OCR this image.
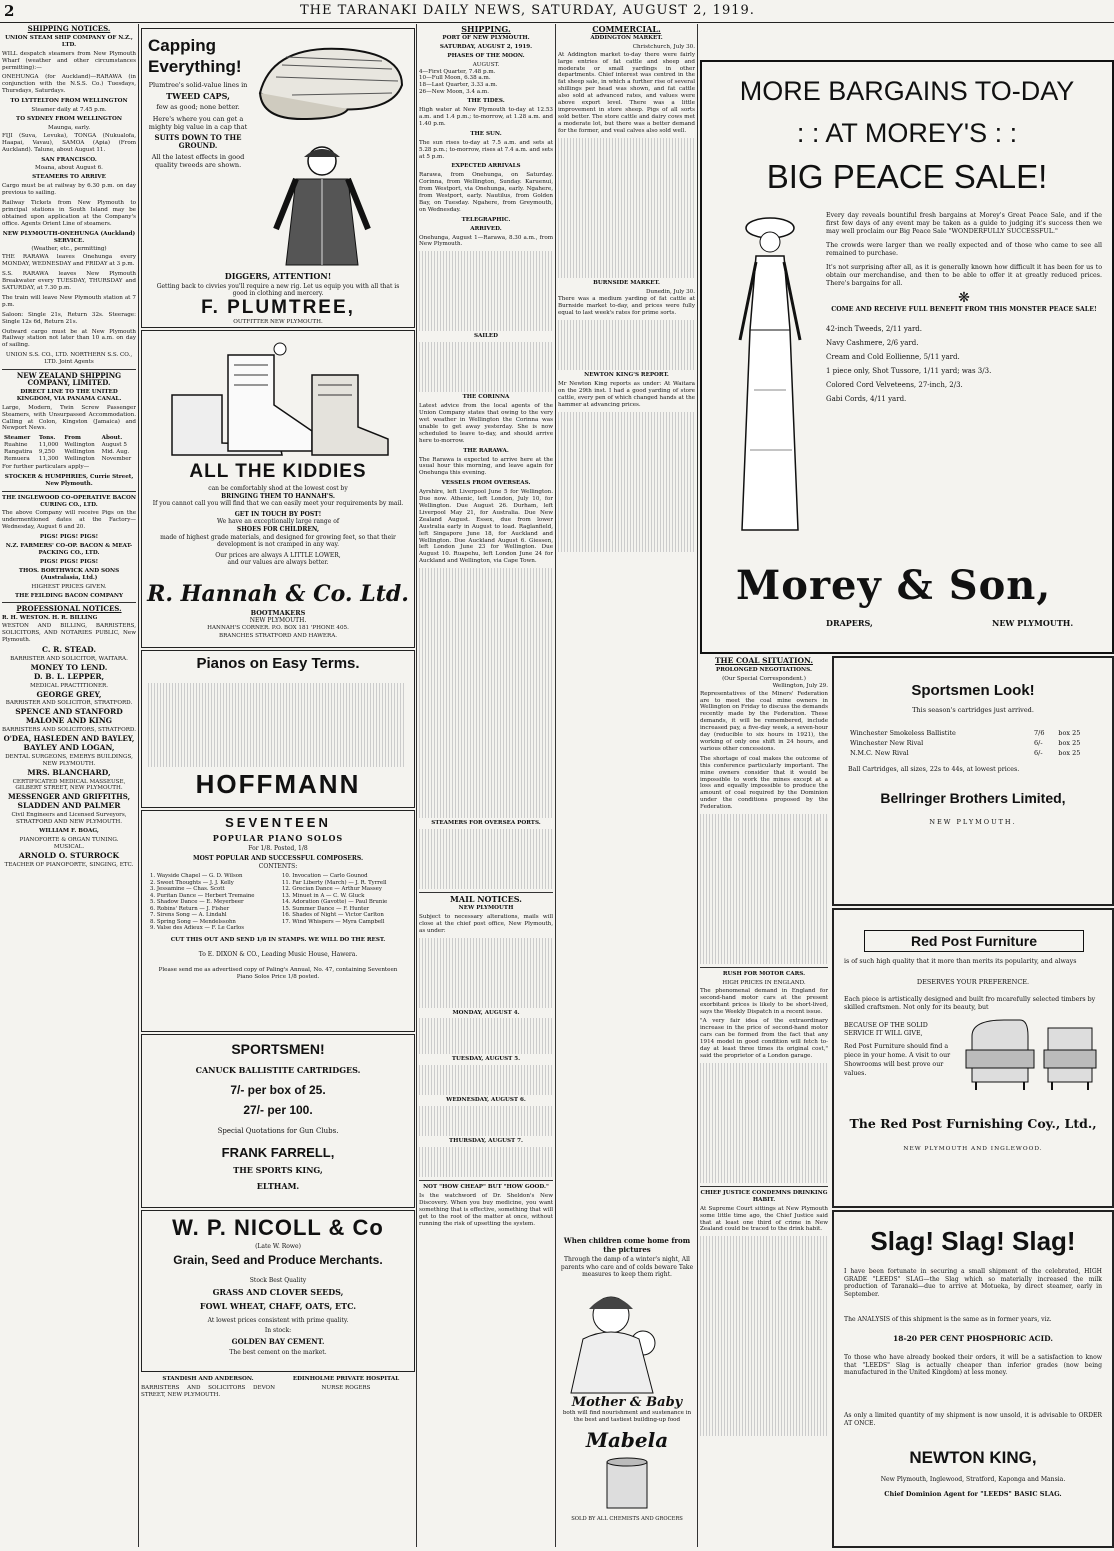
2	THE TARANAKI DAILY NEWS, SATURDAY, AUGUST 2, 1919.
SHIPPING NOTICES.
UNION STEAM SHIP COMPANY OF N.Z., LTD.
WILL despatch steamers from New Plymouth Wharf (weather and other circumstances permitting):—
ONEHUNGA (for Auckland)—RARAWA (in conjunction with the N.S.S. Co.) Tuesdays, Thursdays, Saturdays.
TO LYTTELTON FROM WELLINGTON
Steamer daily at 7.45 p.m.
TO SYDNEY FROM WELLINGTON
Maunga, early.
FIJI (Suva, Levuka), TONGA (Nukualofa, Haapai, Vavau), SAMOA (Apia) (From Auckland). Talune, about August 11.
SAN FRANCISCO.
Moana, about August 6.
STEAMERS TO ARRIVE
Cargo must be at railway by 6.30 p.m. on day previous to sailing.
Railway Tickets from New Plymouth to principal stations in South Island may be obtained upon application at the Company's office. Agents Orient Line of steamers.
NEW PLYMOUTH-ONEHUNGA (Auckland) SERVICE.
(Weather, etc., permitting)
THE RARAWA leaves Onehunga every MONDAY, WEDNESDAY and FRIDAY at 3 p.m.
S.S. RARAWA leaves New Plymouth Breakwater every TUESDAY, THURSDAY and SATURDAY, at 7.30 p.m.
The train will leave New Plymouth station at 7 p.m.
Saloon: Single 21s, Return 32s. Steerage: Single 12s 6d, Return 21s.
Outward cargo must be at New Plymouth Railway station not later than 10 a.m. on day of sailing.
UNION S.S. CO., LTD. NORTHERN S.S. CO., LTD. Joint Agents
NEW ZEALAND SHIPPING COMPANY, LIMITED.
DIRECT LINE TO THE UNITED KINGDOM, VIA PANAMA CANAL.
Large, Modern, Twin Screw Passenger Steamers, with Unsurpassed Accommodation. Calling at Colon, Kingston (Jamaica) and Newport News.
Steamer	Tons.	From	About.
Ruahine	11,000	Wellington	August 5
Rangatira	9,250	Wellington	Mid. Aug.
Remuera	11,300	Wellington	November
For further particulars apply—
STOCKER & HUMPHRIES, Currie Street, New Plymouth.
THE INGLEWOOD CO-OPERATIVE BACON CURING CO., LTD.
The above Company will receive Pigs on the undermentioned dates at the Factory—Wednesday, August 6 and 20.
PIGS! PIGS! PIGS!
N.Z. FARMERS' CO-OP. BACON & MEAT-PACKING CO., LTD.
PIGS! PIGS! PIGS!
THOS. BORTHWICK AND SONS (Australasia, Ltd.)
HIGHEST PRICES GIVEN.
THE FEILDING BACON COMPANY
PROFESSIONAL NOTICES.
R. H. WESTON. H. R. BILLING
WESTON AND BILLING, BARRISTERS, SOLICITORS, AND NOTARIES PUBLIC, New Plymouth.
C. R. STEAD.
BARRISTER AND SOLICITOR, WAITARA.
MONEY TO LEND.
D. B. L. LEPPER,
MEDICAL PRACTITIONER.
GEORGE GREY,
BARRISTER AND SOLICITOR, STRATFORD.
SPENCE AND STANFORD
MALONE AND KING
BARRISTERS AND SOLICITORS, STRATFORD.
O'DEA, HASLEDEN AND BAYLEY,
BAYLEY AND LOGAN,
DENTAL SURGEONS, EMERYS BUILDINGS, NEW PLYMOUTH.
MRS. BLANCHARD,
CERTIFICATED MEDICAL MASSEUSE, GILBERT STREET, NEW PLYMOUTH.
MESSENGER AND GRIFFITHS,
SLADDEN AND PALMER
Civil Engineers and Licensed Surveyors, STRATFORD AND NEW PLYMOUTH.
WILLIAM F. BOAG,
PIANOFORTE & ORGAN TUNING.
MUSICAL.
ARNOLD O. STURROCK
TEACHER OF PIANOFORTE, SINGING, ETC.
Capping Everything!
Plumtree's solid-value lines in
TWEED CAPS,
few as good; none better.
Here's where you can get a mighty big value in a cap that
SUITS DOWN TO THE GROUND.
All the latest effects in good quality tweeds are shown.
DIGGERS, ATTENTION!
Getting back to civvies you'll require a new rig. Let us equip you with all that is good in clothing and mercery.
F. PLUMTREE,
OUTFITTER NEW PLYMOUTH.
ALL THE KIDDIES
can be comfortably shod at the lowest cost by
BRINGING THEM TO HANNAH'S.
If you cannot call you will find that we can easily meet your requirements by mail.
GET IN TOUCH BY POST!
We have an exceptionally large range of
SHOES FOR CHILDREN,
made of highest grade materials, and designed for growing feet, so that their development is not cramped in any way.
Our prices are always A LITTLE LOWER,
and our values are always better.
R. Hannah & Co. Ltd.
BOOTMAKERS
NEW PLYMOUTH.
HANNAH'S CORNER. P.O. BOX 181 'PHONE 405.
BRANCHES STRATFORD AND HAWERA.
Pianos on Easy Terms.
HOFFMANN
SEVENTEEN
POPULAR PIANO SOLOS
For 1/8. Posted, 1/8
MOST POPULAR AND SUCCESSFUL COMPOSERS.
CONTENTS:
1. Wayside Chapel — G. D. Wilson
2. Sweet Thoughts — J. J. Kelly
3. Jessamine — Chas. Scott
4. Puritan Dance — Herbert Tremaine
5. Shadow Dance — E. Meyerbeer
6. Robins' Return — J. Fisher
7. Sirens Song — A. Lindahl
8. Spring Song — Mendelssohn
9. Valse des Adieux — F. Le Carlos
10. Invocation — Carlo Gounod
11. Far Liberty (March) — J. R. Tyrrell
12. Grecian Dance — Arthur Massey
13. Minuet in A — C. W. Gluck
14. Adoration (Gavotte) — Paul Brunie
15. Summer Dance — F. Hunter
16. Shades of Night — Victor Carlton
17. Wind Whispers — Myra Campbell
CUT THIS OUT AND SEND 1/8 IN STAMPS. WE WILL DO THE REST.
To E. DIXON & CO., Leading Music House, Hawera.
Please send me as advertised copy of Paling's Annual, No. 47, containing Seventeen Piano Solos Price 1/8 posted.
SPORTSMEN!
CANUCK BALLISTITE CARTRIDGES.
7/- per box of 25.
27/- per 100.
Special Quotations for Gun Clubs.
FRANK FARRELL,
THE SPORTS KING,
ELTHAM.
W. P. NICOLL & Co
(Late W. Rowe)
Grain, Seed and Produce Merchants.
Stock Best Quality
GRASS AND CLOVER SEEDS,
FOWL WHEAT, CHAFF, OATS, ETC.
At lowest prices consistent with prime quality.
In stock:
GOLDEN BAY CEMENT.
The best cement on the market.
STANDISH AND ANDERSON.
BARRISTERS AND SOLICITORS DEVON STREET, NEW PLYMOUTH.
EDINHOLME PRIVATE HOSPITAL
NURSE ROGERS
SHIPPING.
PORT OF NEW PLYMOUTH.
SATURDAY, AUGUST 2, 1919.
PHASES OF THE MOON.
AUGUST.
4—First Quarter, 7.48 p.m.
10—Full Moon, 6.38 a.m.
18—Last Quarter, 3.33 a.m.
26—New Moon, 3.4 a.m.
THE TIDES.
High water at New Plymouth to-day at 12.53 a.m. and 1.4 p.m.; to-morrow, at 1.28 a.m. and 1.40 p.m.
THE SUN.
The sun rises to-day at 7.5 a.m. and sets at 5.28 p.m.; to-morrow, rises at 7.4 a.m. and sets at 5 p.m.
EXPECTED ARRIVALS
Rarawa, from Onehunga, on Saturday. Corinna, from Wellington, Sunday. Karuenui, from Westport, via Onehunga, early. Ngahere, from Westport, early. Nautilus, from Golden Bay, on Tuesday. Ngahere, from Greymouth, on Wednesday.
TELEGRAPHIC.
ARRIVED.
Onehunga, August 1—Rarawa, 8.30 a.m., from New Plymouth.
SAILED
THE CORINNA
Latest advice from the local agents of the Union Company states that owing to the very wet weather in Wellington the Corinna was unable to get away yesterday. She is now scheduled to leave to-day, and should arrive here to-morrow.
THE RARAWA.
The Rarawa is expected to arrive here at the usual hour this morning, and leave again for Onehunga this evening.
VESSELS FROM OVERSEAS.
Ayrshire, left Liverpool June 5 for Wellington. Due now. Athenic, left London, July 10, for Wellington. Due August 26. Durham, left Liverpool May 21, for Australia. Due New Zealand August. Essex, due from lower Australia early in August to load. Raglanfield, left Singapore June 18, for Auckland and Wellington. Due Auckland August 6. Giessen, left London June 23 for Wellington. Due August 10. Ruapehu, left London June 24 for Auckland and Wellington, via Cape Town.
STEAMERS FOR OVERSEA PORTS.
MAIL NOTICES.
NEW PLYMOUTH
Subject to necessary alterations, mails will close at the chief post office, New Plymouth, as under:
MONDAY, AUGUST 4.
TUESDAY, AUGUST 5.
WEDNESDAY, AUGUST 6.
THURSDAY, AUGUST 7.
NOT "HOW CHEAP" BUT "HOW GOOD."
Is the watchword of Dr. Sheldon's New Discovery. When you buy medicine, you want something that is effective, something that will get to the root of the matter at once, without running the risk of upsetting the system.
COMMERCIAL.
ADDINGTON MARKET.
Christchurch, July 30.
At Addington market to-day there were fairly large entries of fat cattle and sheep and moderate or small yardings in other departments. Chief interest was centred in the fat sheep sale, in which a further rise of several shillings per head was shown, and fat cattle also sold at advanced rates, and values were above export level. There was a little improvement in store sheep. Pigs of all sorts sold better. The store cattle and dairy cows met a moderate lot, but there was a better demand for the former, and veal calves also sold well.
BURNSIDE MARKET.
Dunedin, July 30.
There was a medium yarding of fat cattle at Burnside market to-day, and prices were fully equal to last week's rates for prime sorts.
NEWTON KING'S REPORT.
Mr Newton King reports as under: At Waitara on the 29th inst. I had a good yarding of store cattle, every pen of which changed hands at the hammer at advancing prices.
MORE BARGAINS TO-DAY
: : AT MOREY'S : :
BIG PEACE SALE!
Every day reveals bountiful fresh bargains at Morey's Great Peace Sale, and if the first few days of any event may be taken as a guide to judging it's success then we may well proclaim our Big Peace Sale "WONDERFULLY SUCCESSFUL."
The crowds were larger than we really expected and of those who came to see all remained to purchase.
It's not surprising after all, as it is generally known how difficult it has been for us to obtain our merchandise, and then to be able to offer it at greatly reduced prices. There's bargains for all.
❋
COME AND RECEIVE FULL BENEFIT FROM THIS MONSTER PEACE SALE!
42-inch Tweeds, 2/11 yard.
Navy Cashmere, 2/6 yard.
Cream and Cold Eollienne, 5/11 yard.
1 piece only, Shot Tussore, 1/11 yard; was 3/3.
Colored Cord Velveteens, 27-inch, 2/3.
Gabi Cords, 4/11 yard.
Morey & Son,
DRAPERS,	NEW PLYMOUTH.
THE COAL SITUATION.
PROLONGED NEGOTIATIONS.
(Our Special Correspondent.)
Wellington, July 29.
Representatives of the Miners' Federation are to meet the coal mine owners in Wellington on Friday to discuss the demands recently made by the Federation. These demands, it will be remembered, include increased pay, a five-day week, a seven-hour day (reducible to six hours in 1921), the working of only one shift in 24 hours, and various other concessions.
The shortage of coal makes the outcome of this conference particularly important. The mine owners consider that it would be impossible to work the mines except at a loss and equally impossible to produce the amount of coal required by the Dominion under the conditions proposed by the Federation.
RUSH FOR MOTOR CARS.
HIGH PRICES IN ENGLAND.
The phenomenal demand in England for second-hand motor cars at the present exorbitant prices is likely to be short-lived, says the Weekly Dispatch in a recent issue.
"A very fair idea of the extraordinary increase in the price of second-hand motor cars can be formed from the fact that any 1914 model in good condition will fetch to-day at least three times its original cost," said the proprietor of a London garage.
CHIEF JUSTICE CONDEMNS DRINKING HABIT.
At Supreme Court sittings at New Plymouth some little time ago, the Chief Justice said that at least one third of crime in New Zealand could be traced to the drink habit.
When children come home from the pictures
Through the damp of a winter's night, All parents who care and of colds beware Take measures to keep them right.
Mother & Baby
both will find nourishment and sustenance in the best and tastiest building-up food
Mabela
SOLD BY ALL CHEMISTS AND GROCERS
Sportsmen Look!
This season's cartridges just arrived.
Winchester Smokeless Ballistite	7/6	box 25
Winchester New Rival	6/-	box 25
N.M.C. New Rival	6/-	box 25
Ball Cartridges, all sizes, 22s to 44s, at lowest prices.
Bellringer Brothers Limited,
NEW PLYMOUTH.
Red Post Furniture
is of such high quality that it more than merits its popularity, and always
DESERVES YOUR PREFERENCE.
Each piece is artistically designed and built fro mcarefully selected timbers by skilled craftsmen. Not only for its beauty, but
BECAUSE OF THE SOLID SERVICE IT WILL GIVE,
Red Post Furniture should find a piece in your home. A visit to our Showrooms will best prove our values.
The Red Post Furnishing Coy., Ltd.,
NEW PLYMOUTH AND INGLEWOOD.
Slag! Slag! Slag!
I have been fortunate in securing a small shipment of the celebrated, HIGH GRADE "LEEDS" SLAG—the Slag which so materially increased the milk production of Taranaki—due to arrive at Motueka, by direct steamer, early in September.
The ANALYSIS of this shipment is the same as in former years, viz.
18-20 PER CENT PHOSPHORIC ACID.
To those who have already booked their orders, it will be a satisfaction to know that "LEEDS" Slag is actually cheaper than inferior grades (now being manufactured in the United Kingdom) at less money.
As only a limited quantity of my shipment is now unsold, it is advisable to ORDER AT ONCE.
NEWTON KING,
New Plymouth, Inglewood, Stratford, Kaponga and Mansia.
Chief Dominion Agent for "LEEDS" BASIC SLAG.
